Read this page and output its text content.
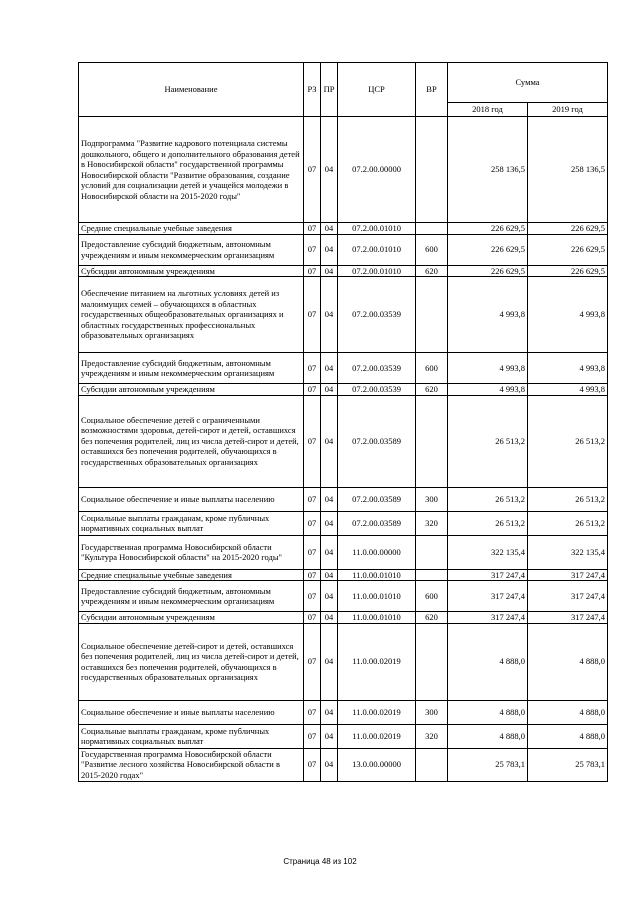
Наименование	РЗ	ПР	ЦСР	ВР	Сумма	
					2018 год	2019 год
Подпрограмма "Развитие кадрового потенциала системы дошкольного, общего и дополнительного образования детей в Новосибирской области" государственной программы Новосибирской области "Развитие образования, создание условий для социализации детей и учащейся молодежи в Новосибирской области на 2015-2020 годы"	07	04	07.2.00.00000		258 136,5	258 136,5
Средние специальные учебные заведения	07	04	07.2.00.01010		226 629,5	226 629,5
Предоставление субсидий бюджетным, автономным учреждениям и иным некоммерческим организациям	07	04	07.2.00.01010	600	226 629,5	226 629,5
Субсидии автономным учреждениям	07	04	07.2.00.01010	620	226 629,5	226 629,5
Обеспечение питанием на льготных условиях детей из малоимущих семей – обучающихся в областных государственных общеобразовательных организациях и областных государственных профессиональных образовательных организациях	07	04	07.2.00.03539		4 993,8	4 993,8
Предоставление субсидий бюджетным, автономным учреждениям и иным некоммерческим организациям	07	04	07.2.00.03539	600	4 993,8	4 993,8
Субсидии автономным учреждениям	07	04	07.2.00.03539	620	4 993,8	4 993,8
Социальное обеспечение детей с ограниченными возможностями здоровья, детей-сирот и детей, оставшихся без попечения родителей, лиц из числа детей-сирот и детей, оставшихся без попечения родителей, обучающихся в государственных образовательных организациях	07	04	07.2.00.03589		26 513,2	26 513,2
Социальное обеспечение и иные выплаты населению	07	04	07.2.00.03589	300	26 513,2	26 513,2
Социальные выплаты гражданам, кроме публичных нормативных социальных выплат	07	04	07.2.00.03589	320	26 513,2	26 513,2
Государственная программа Новосибирской области "Культура Новосибирской области" на 2015-2020 годы"	07	04	11.0.00.00000		322 135,4	322 135,4
Средние специальные учебные заведения	07	04	11.0.00.01010		317 247,4	317 247,4
Предоставление субсидий бюджетным, автономным учреждениям и иным некоммерческим организациям	07	04	11.0.00.01010	600	317 247,4	317 247,4
Субсидии автономным учреждениям	07	04	11.0.00.01010	620	317 247,4	317 247,4
Социальное обеспечение детей-сирот и детей, оставшихся без попечения родителей, лиц из числа детей-сирот и детей, оставшихся без попечения родителей, обучающихся в государственных образовательных организациях	07	04	11.0.00.02019		4 888,0	4 888,0
Социальное обеспечение и иные выплаты населению	07	04	11.0.00.02019	300	4 888,0	4 888,0
Социальные выплаты гражданам, кроме публичных нормативных социальных выплат	07	04	11.0.00.02019	320	4 888,0	4 888,0
Государственная программа Новосибирской области "Развитие лесного хозяйства Новосибирской области в 2015-2020 годах"	07	04	13.0.00.00000		25 783,1	25 783,1
Страница 48 из 102
